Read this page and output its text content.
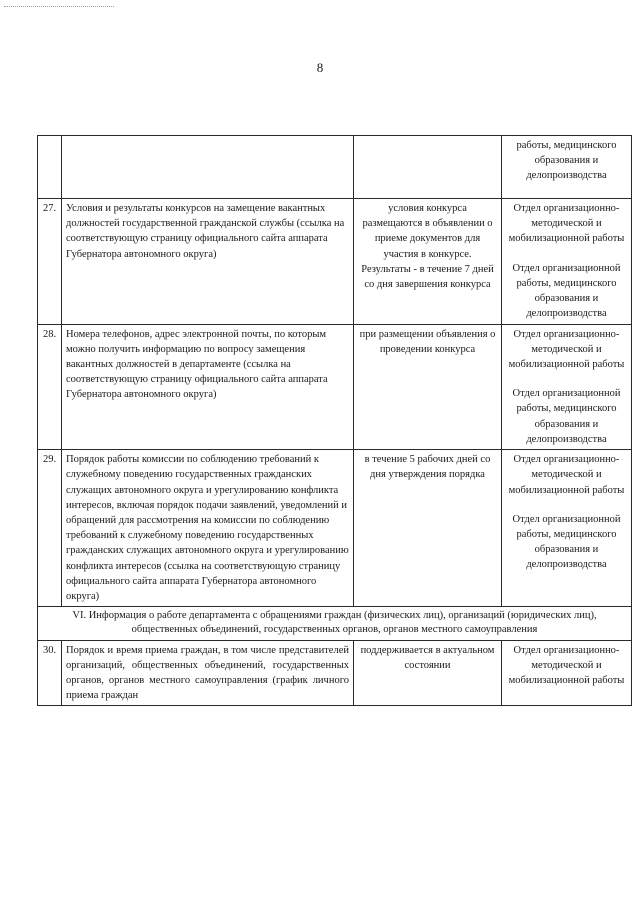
8

			работы, медицинского образования и делопроизводства

27.	Условия и результаты конкурсов на замещение вакантных должностей государственной гражданской службы (ссылка на соответствующую страницу официального сайта аппарата Губернатора автономного округа)	условия конкурса размещаются в объявлении о приеме документов для участия в конкурсе. Результаты - в течение 7 дней со дня завершения конкурса	Отдел организационно-методической и мобилизационной работы
Отдел организационной работы, медицинского образования и делопроизводства

28.	Номера телефонов, адрес электронной почты, по которым можно получить информацию по вопросу замещения вакантных должностей в департаменте (ссылка на соответствующую страницу официального сайта аппарата Губернатора автономного округа)	при размещении объявления о проведении конкурса	Отдел организационно-методической и мобилизационной работы
Отдел организационной работы, медицинского образования и делопроизводства

29.	Порядок работы комиссии по соблюдению требований к служебному поведению государственных гражданских служащих автономного округа и урегулированию конфликта интересов, включая порядок подачи заявлений, уведомлений и обращений для рассмотрения на комиссии по соблюдению требований к служебному поведению государственных гражданских служащих автономного округа и урегулированию конфликта интересов (ссылка на соответствующую страницу официального сайта аппарата Губернатора автономного округа)	в течение 5 рабочих дней со дня утверждения порядка	Отдел организационно-методической и мобилизационной работы
Отдел организационной работы, медицинского образования и делопроизводства

VI. Информация о работе департамента с обращениями граждан (физических лиц), организаций (юридических лиц), общественных объединений, государственных органов, органов местного самоуправления			
30.	Порядок и время приема граждан, в том числе представителей организаций, общественных объединений, государственных органов, органов местного самоуправления (график личного приема граждан	поддерживается в актуальном состоянии	Отдел организационно-методической и мобилизационной работы
